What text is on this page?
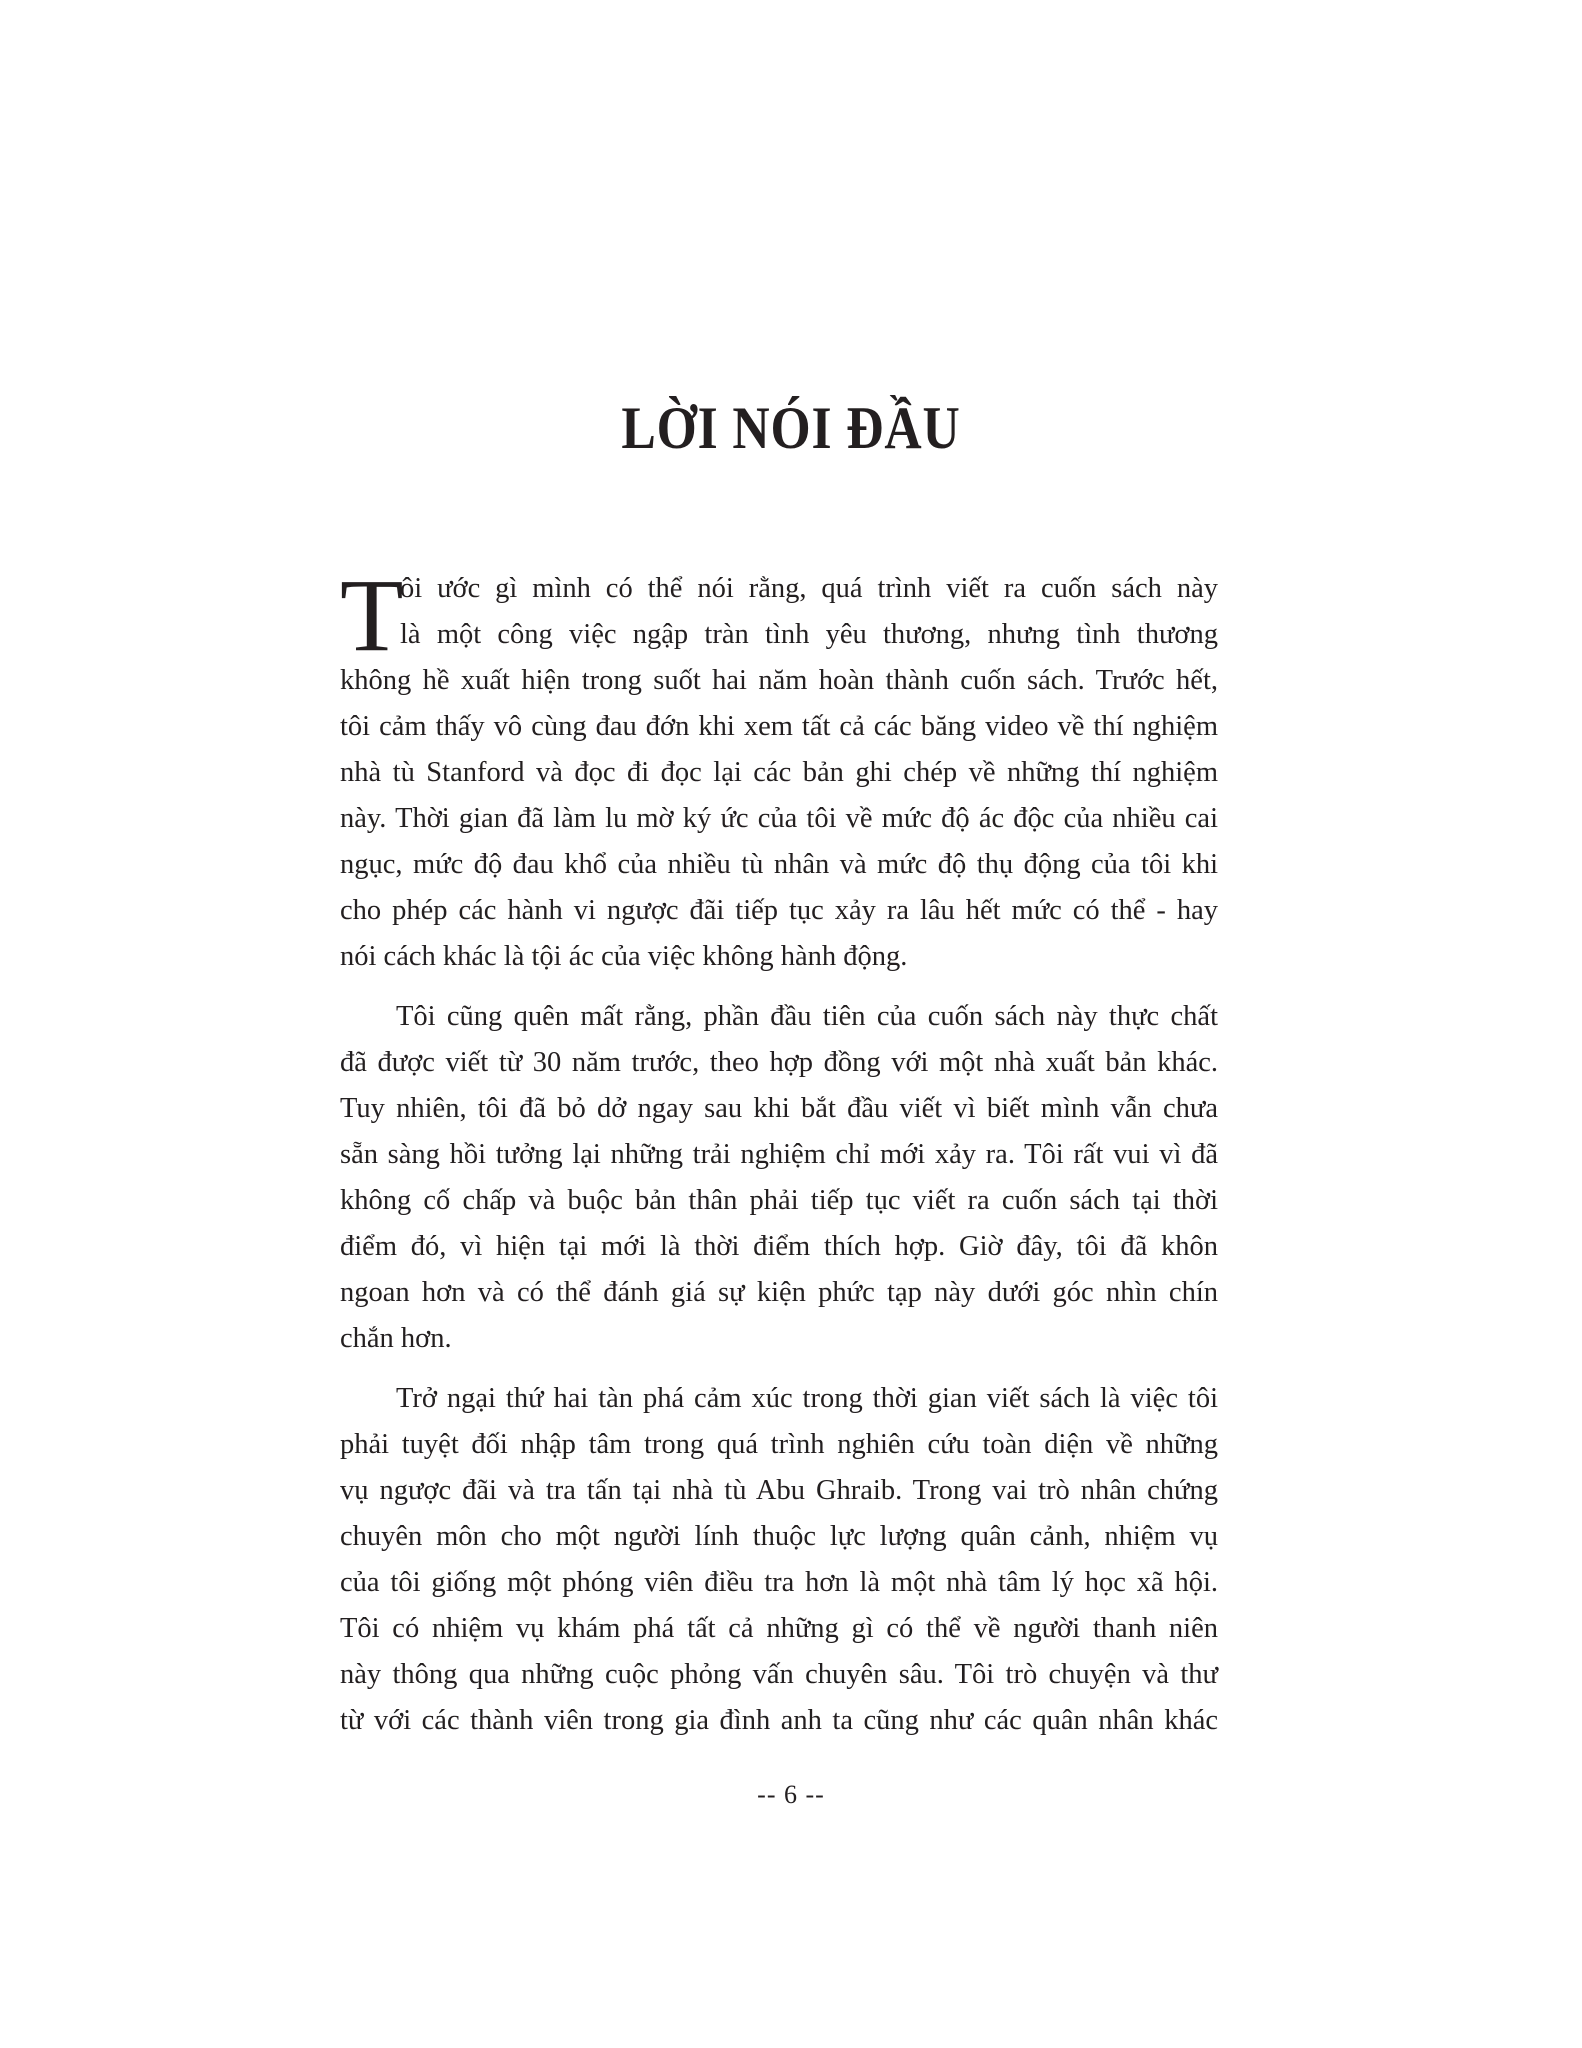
LỜI NÓI ĐẦU

T
ôi ước gì mình có thể nói rằng, quá trình viết ra cuốn sách này
là một công việc ngập tràn tình yêu thương, nhưng tình thương
không hề xuất hiện trong suốt hai năm hoàn thành cuốn sách. Trước hết,
tôi cảm thấy vô cùng đau đớn khi xem tất cả các băng video về thí nghiệm
nhà tù Stanford và đọc đi đọc lại các bản ghi chép về những thí nghiệm
này. Thời gian đã làm lu mờ ký ức của tôi về mức độ ác độc của nhiều cai
ngục, mức độ đau khổ của nhiều tù nhân và mức độ thụ động của tôi khi
cho phép các hành vi ngược đãi tiếp tục xảy ra lâu hết mức có thể - hay
nói cách khác là tội ác của việc không hành động.

Tôi cũng quên mất rằng, phần đầu tiên của cuốn sách này thực chất
đã được viết từ 30 năm trước, theo hợp đồng với một nhà xuất bản khác.
Tuy nhiên, tôi đã bỏ dở ngay sau khi bắt đầu viết vì biết mình vẫn chưa
sẵn sàng hồi tưởng lại những trải nghiệm chỉ mới xảy ra. Tôi rất vui vì đã
không cố chấp và buộc bản thân phải tiếp tục viết ra cuốn sách tại thời
điểm đó, vì hiện tại mới là thời điểm thích hợp. Giờ đây, tôi đã khôn
ngoan hơn và có thể đánh giá sự kiện phức tạp này dưới góc nhìn chín
chắn hơn.

Trở ngại thứ hai tàn phá cảm xúc trong thời gian viết sách là việc tôi
phải tuyệt đối nhập tâm trong quá trình nghiên cứu toàn diện về những
vụ ngược đãi và tra tấn tại nhà tù Abu Ghraib. Trong vai trò nhân chứng
chuyên môn cho một người lính thuộc lực lượng quân cảnh, nhiệm vụ
của tôi giống một phóng viên điều tra hơn là một nhà tâm lý học xã hội.
Tôi có nhiệm vụ khám phá tất cả những gì có thể về người thanh niên
này thông qua những cuộc phỏng vấn chuyên sâu. Tôi trò chuyện và thư
từ với các thành viên trong gia đình anh ta cũng như các quân nhân khác

-- 6 --
